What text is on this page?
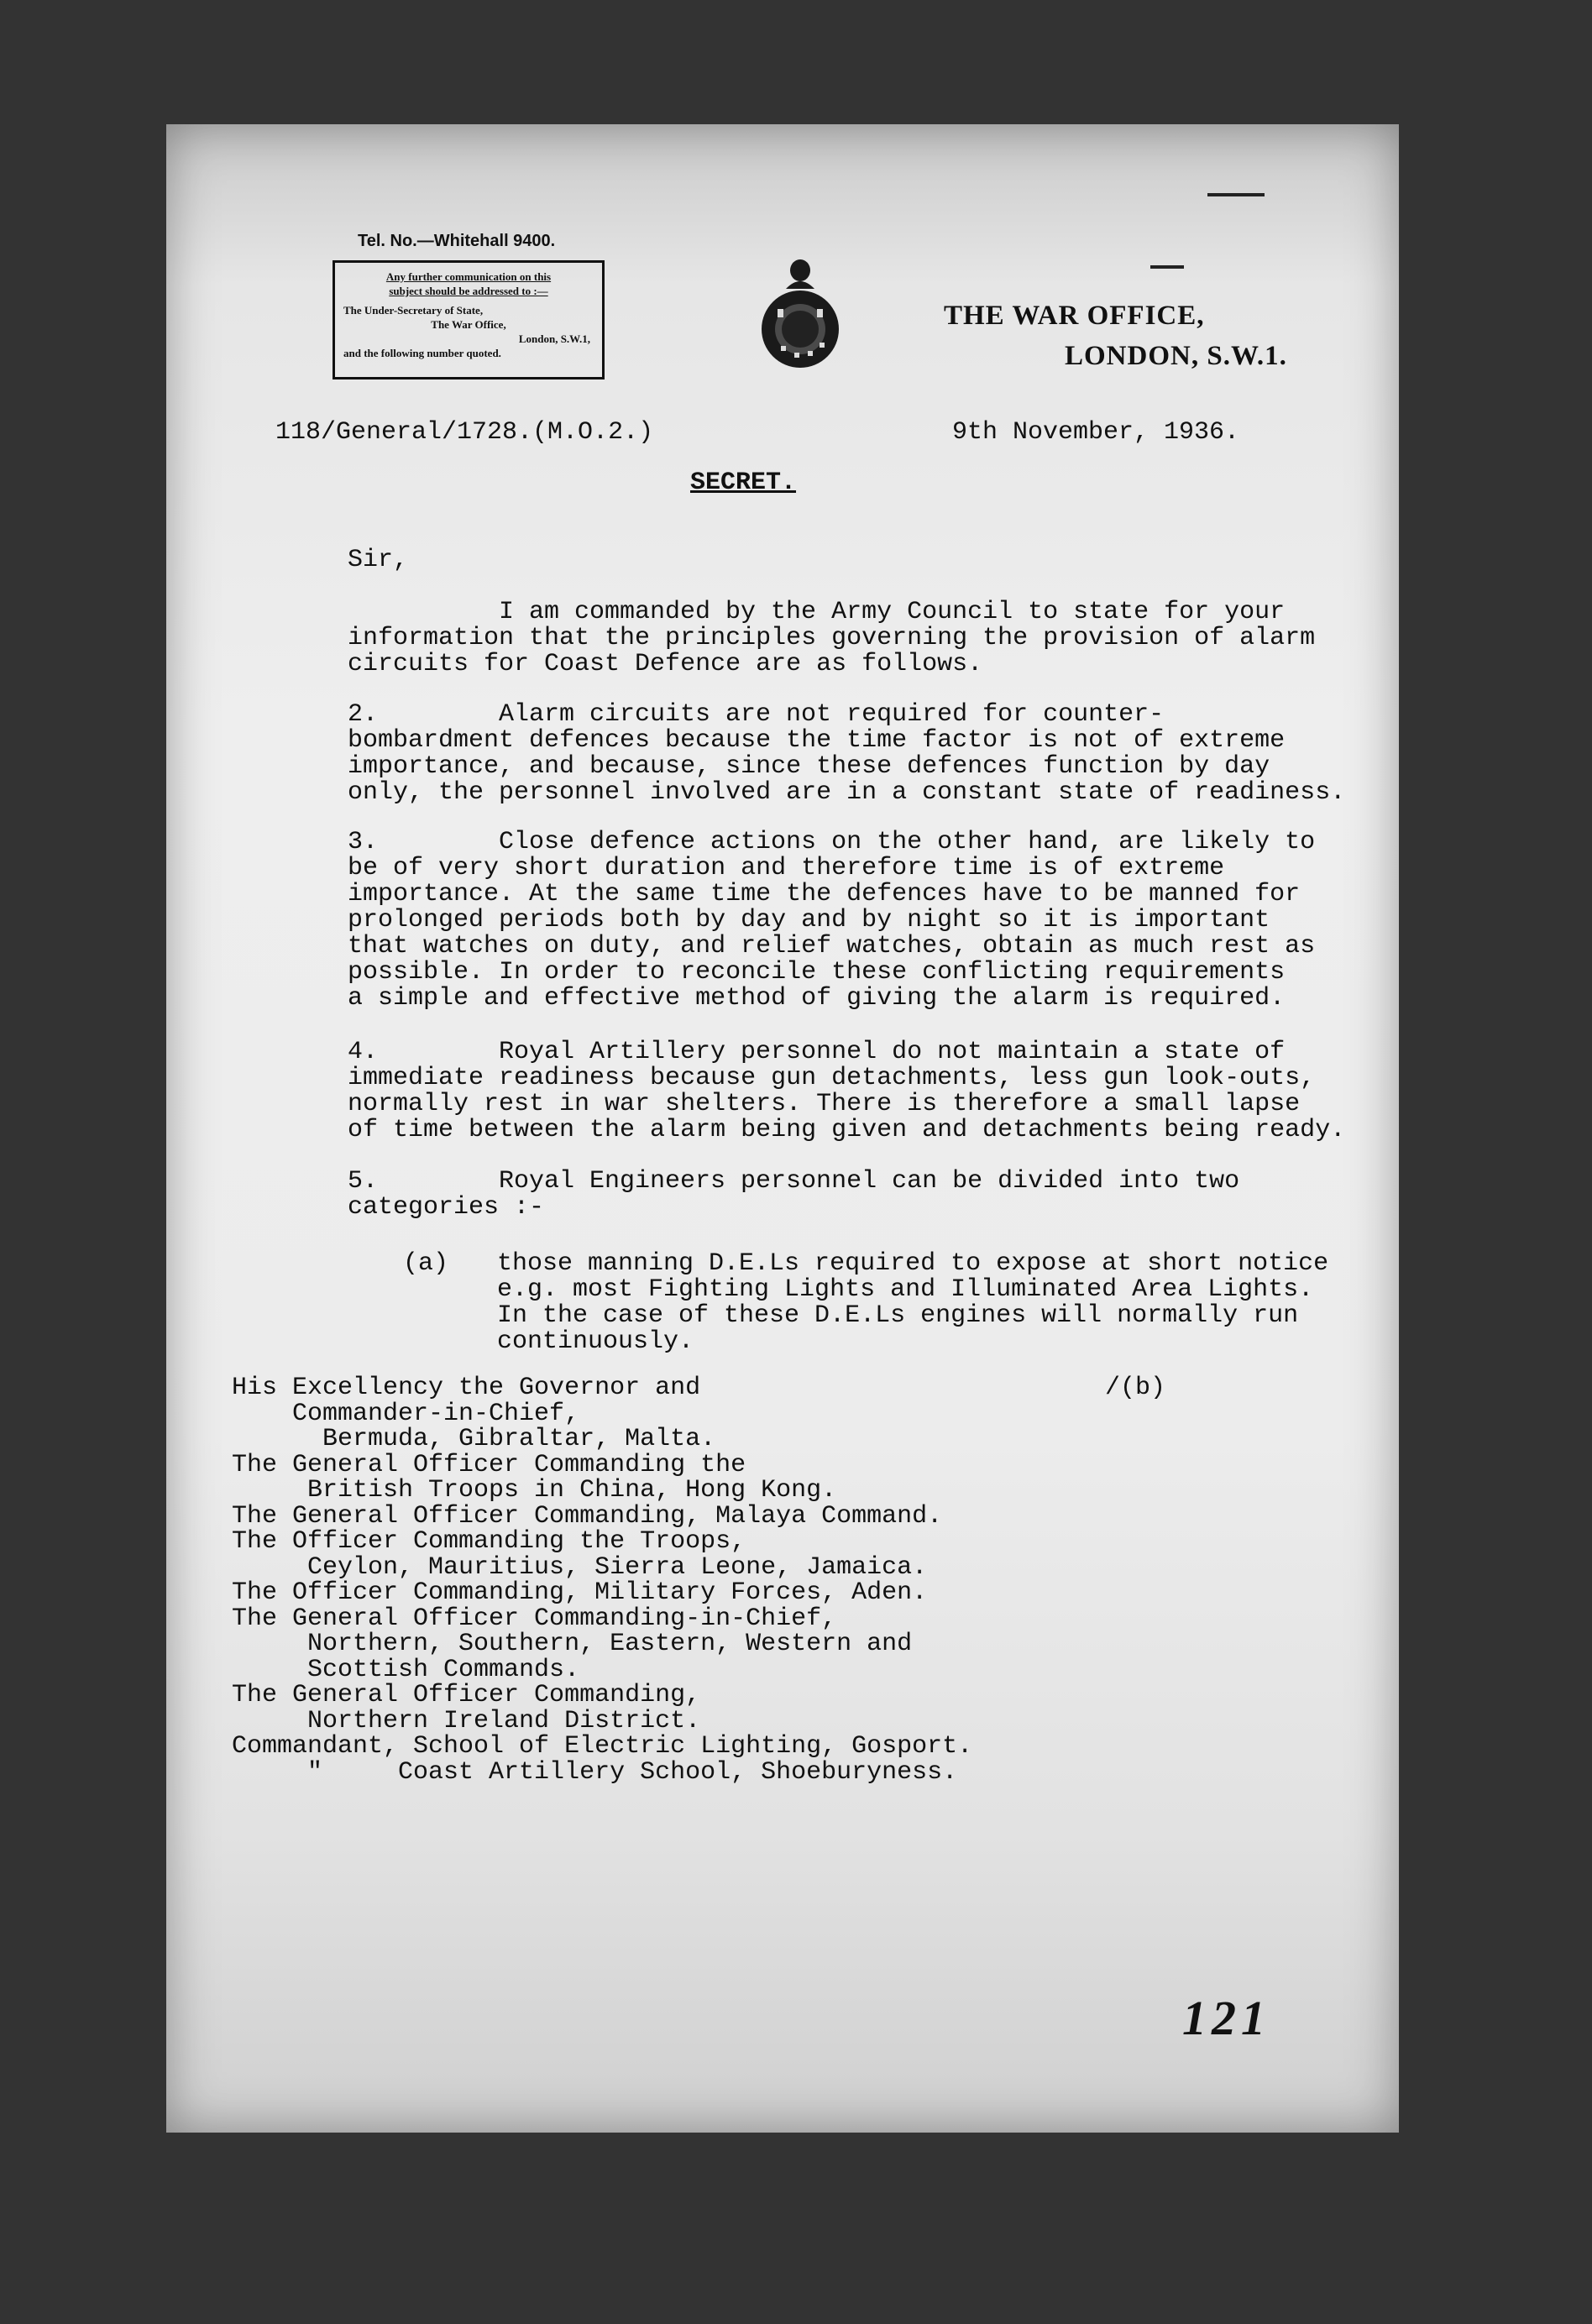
Tel. No.—Whitehall 9400.
Any further communication on this
subject should be addressed to :—
The Under-Secretary of State,
The War Office,
London, S.W.1,
and the following number quoted.
THE WAR OFFICE,
LONDON, S.W.1.
118/General/1728.(M.O.2.)	9th November, 1936.
SECRET.
Sir,
I am commanded by the Army Council to state for your
information that the principles governing the provision of alarm
circuits for Coast Defence are as follows.
2.	Alarm circuits are not required for counter-
bombardment defences because the time factor is not of extreme
importance, and because, since these defences function by day
only, the personnel involved are in a constant state of readiness.
3.	Close defence actions on the other hand, are likely to
be of very short duration and therefore time is of extreme
importance. At the same time the defences have to be manned for
prolonged periods both by day and by night so it is important
that watches on duty, and relief watches, obtain as much rest as
possible. In order to reconcile these conflicting requirements
a simple and effective method of giving the alarm is required.
4.	Royal Artillery personnel do not maintain a state of
immediate readiness because gun detachments, less gun look-outs,
normally rest in war shelters. There is therefore a small lapse
of time between the alarm being given and detachments being ready.
5.	Royal Engineers personnel can be divided into two
categories :-
(a) those manning D.E.Ls required to expose at short notice
e.g. most Fighting Lights and Illuminated Area Lights.
In the case of these D.E.Ls engines will normally run
continuously.
/(b)
His Excellency the Governor and
Commander-in-Chief,
Bermuda, Gibraltar, Malta.
The General Officer Commanding the
British Troops in China, Hong Kong.
The General Officer Commanding, Malaya Command.
The Officer Commanding the Troops,
Ceylon, Mauritius, Sierra Leone, Jamaica.
The Officer Commanding, Military Forces, Aden.
The General Officer Commanding-in-Chief,
Northern, Southern, Eastern, Western and
Scottish Commands.
The General Officer Commanding,
Northern Ireland District.
Commandant, School of Electric Lighting, Gosport.
"     Coast Artillery School, Shoeburyness.
121
